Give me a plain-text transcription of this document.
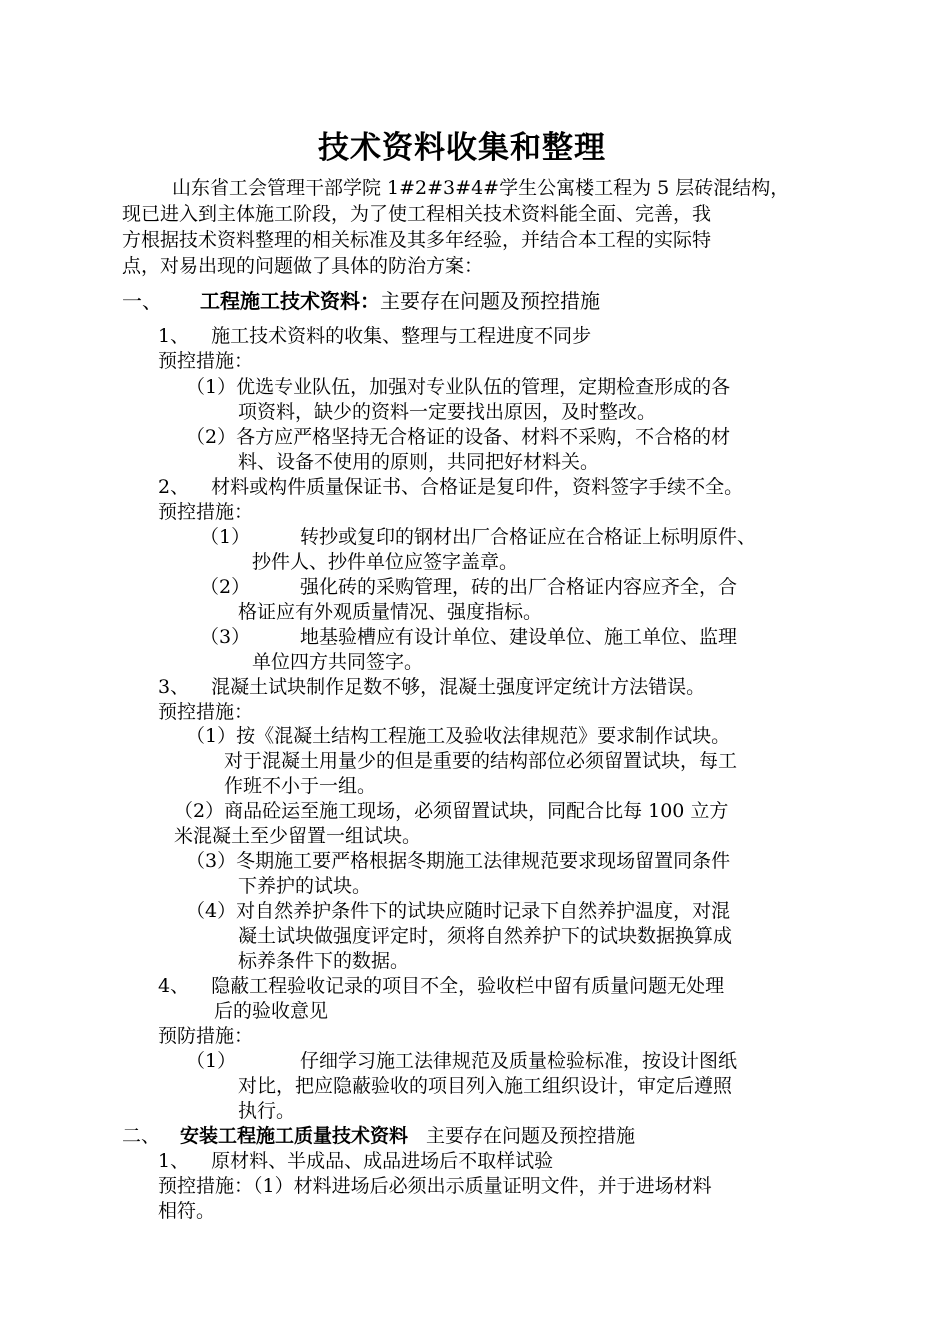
技术资料收集和整理
山东省工会管理干部学院 1#2#3#4#学生公寓楼工程为 5 层砖混结构，
现已进入到主体施工阶段，为了使工程相关技术资料能全面、完善，我
方根据技术资料整理的相关标准及其多年经验，并结合本工程的实际特
点，对易出现的问题做了具体的防治方案：
一、 工程施工技术资料：主要存在问题及预控措施
1、 施工技术资料的收集、整理与工程进度不同步
预控措施：
（1）优选专业队伍，加强对专业队伍的管理，定期检查形成的各
项资料，缺少的资料一定要找出原因，及时整改。
（2）各方应严格坚持无合格证的设备、材料不采购，不合格的材
料、设备不使用的原则，共同把好材料关。
2、 材料或构件质量保证书、合格证是复印件，资料签字手续不全。
预控措施：
（1）	转抄或复印的钢材出厂合格证应在合格证上标明原件、
抄件人、抄件单位应签字盖章。
（2）	强化砖的采购管理，砖的出厂合格证内容应齐全，合
格证应有外观质量情况、强度指标。
（3）	地基验槽应有设计单位、建设单位、施工单位、监理
单位四方共同签字。
3、 混凝土试块制作足数不够，混凝土强度评定统计方法错误。
预控措施：
（1）按《混凝土结构工程施工及验收法律规范》要求制作试块。
对于混凝土用量少的但是重要的结构部位必须留置试块，每工
作班不小于一组。
（2）商品砼运至施工现场，必须留置试块，同配合比每 100 立方
米混凝土至少留置一组试块。
（3）冬期施工要严格根据冬期施工法律规范要求现场留置同条件
下养护的试块。
（4）对自然养护条件下的试块应随时记录下自然养护温度，对混
凝土试块做强度评定时，须将自然养护下的试块数据换算成
标养条件下的数据。
4、 隐蔽工程验收记录的项目不全，验收栏中留有质量问题无处理
后的验收意见
预防措施：
（1）	仔细学习施工法律规范及质量检验标准，按设计图纸
对比，把应隐蔽验收的项目列入施工组织设计，审定后遵照
执行。
二、 安装工程施工质量技术资料 主要存在问题及预控措施
1、 原材料、半成品、成品进场后不取样试验
预控措施：（1）材料进场后必须出示质量证明文件，并于进场材料
相符。
